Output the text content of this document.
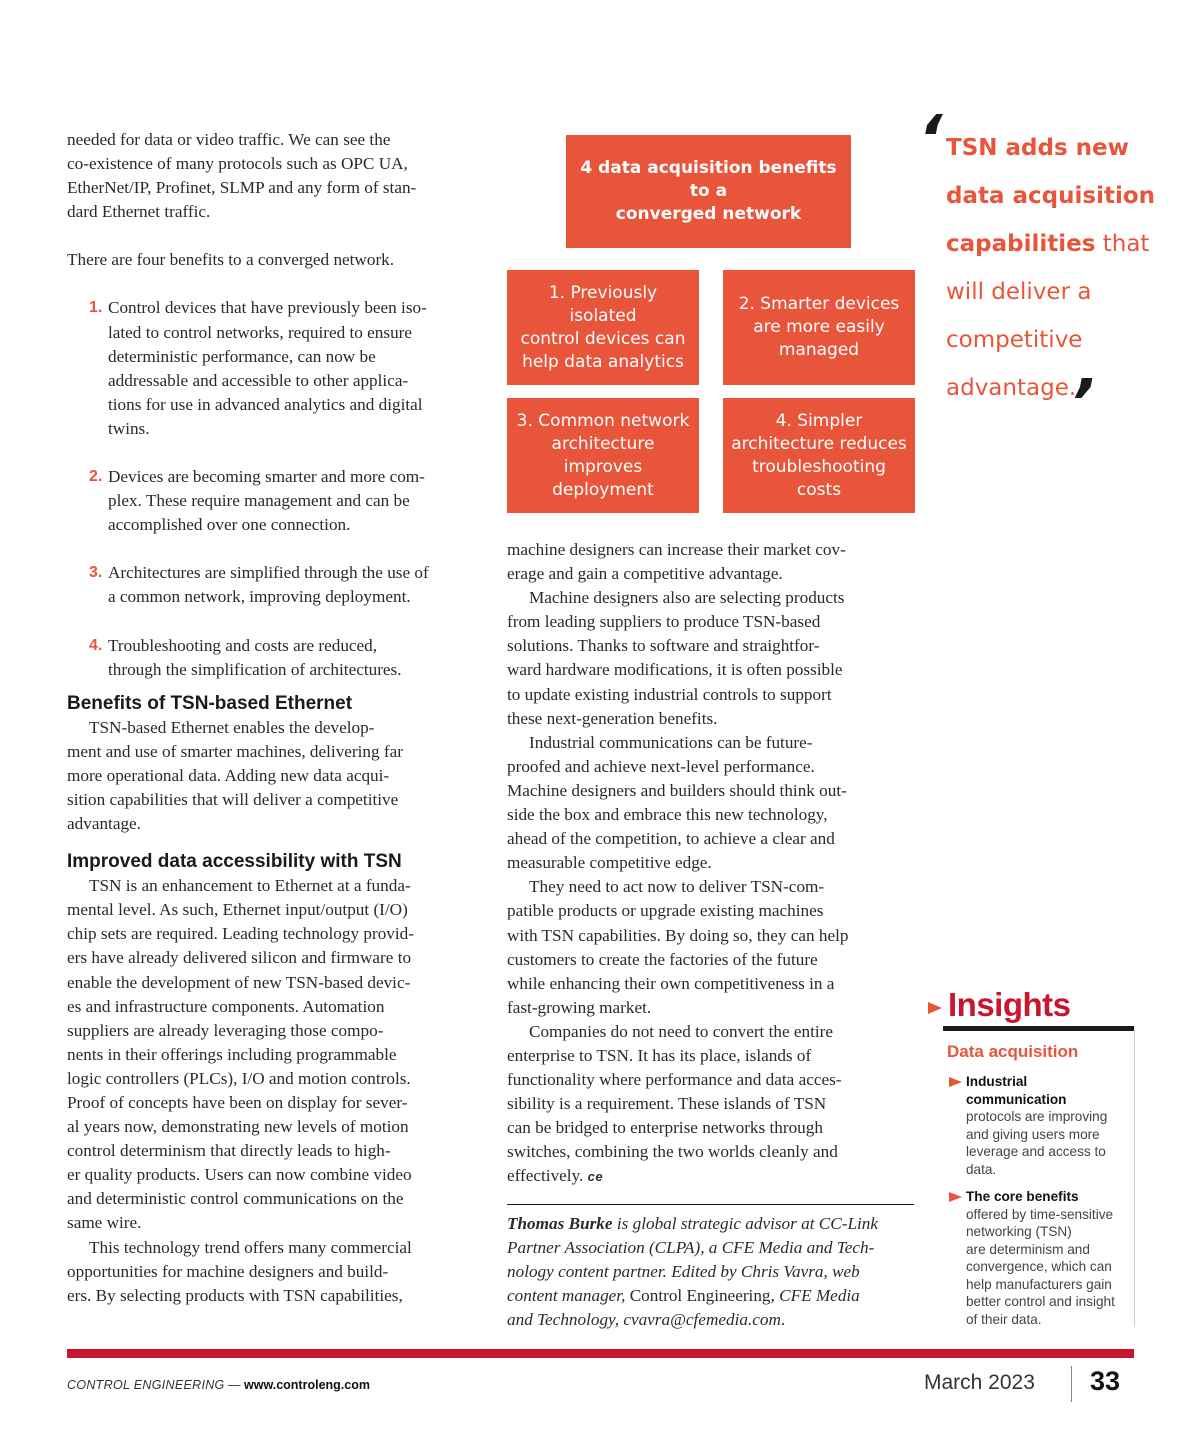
needed for data or video traffic. We can see the

co-existence of many protocols such as OPC UA,

EtherNet/IP, Profinet, SLMP and any form of stan-

dard Ethernet traffic.

There are four benefits to a converged network.

1. Control devices that have previously been iso-

lated to control networks, required to ensure

deterministic performance, can now be

addressable and accessible to other applica-

tions for use in advanced analytics and digital

twins.

2. Devices are becoming smarter and more com-

plex. These require management and can be

accomplished over one connection.

3. Architectures are simplified through the use of

a common network, improving deployment.

4. Troubleshooting and costs are reduced,

through the simplification of architectures.

Benefits of TSN-based Ethernet

TSN-based Ethernet enables the develop-

ment and use of smarter machines, delivering far

more operational data. Adding new data acqui-

sition capabilities that will deliver a competitive

advantage.

Improved data accessibility with TSN

TSN is an enhancement to Ethernet at a funda-

mental level. As such, Ethernet input/output (I/O)

chip sets are required. Leading technology provid-

ers have already delivered silicon and firmware to

enable the development of new TSN-based devic-

es and infrastructure components. Automation

suppliers are already leveraging those compo-

nents in their offerings including programmable

logic controllers (PLCs), I/O and motion controls.

Proof of concepts have been on display for sever-

al years now, demonstrating new levels of motion

control determinism that directly leads to high-

er quality products. Users can now combine video

and deterministic control communications on the

same wire.

This technology trend offers many commercial

opportunities for machine designers and build-

ers. By selecting products with TSN capabilities,

4 data acquisition benefits to a
converged network
1. Previously isolated
control devices can
help data analytics
2. Smarter devices
are more easily
managed
3. Common network
architecture
improves
deployment
4. Simpler
architecture reduces
troubleshooting
costs

machine designers can increase their market cov-

erage and gain a competitive advantage.

Machine designers also are selecting products

from leading suppliers to produce TSN-based

solutions. Thanks to software and straightfor-

ward hardware modifications, it is often possible

to update existing industrial controls to support

these next-generation benefits.

Industrial communications can be future-

proofed and achieve next-level performance.

Machine designers and builders should think out-

side the box and embrace this new technology,

ahead of the competition, to achieve a clear and

measurable competitive edge.

They need to act now to deliver TSN-com-

patible products or upgrade existing machines

with TSN capabilities. By doing so, they can help

customers to create the factories of the future

while enhancing their own competitiveness in a

fast-growing market.

Companies do not need to convert the entire

enterprise to TSN. It has its place, islands of

functionality where performance and data acces-

sibility is a requirement. These islands of TSN

can be bridged to enterprise networks through

switches, combining the two worlds cleanly and

effectively. ce

Thomas Burke is global strategic advisor at CC-Link

Partner Association (CLPA), a CFE Media and Tech-

nology content partner. Edited by Chris Vavra, web

content manager, Control Engineering, CFE Media

and Technology, cvavra@cfemedia.com.

‘ TSN adds new
data acquisition
capabilities that
will deliver a
competitive
advantage.
’
Insights
Data acquisition
Industrial
communication
protocols are improving
and giving users more
leverage and access to
data.
The core benefits
offered by time-sensitive
networking (TSN)
are determinism and
convergence, which can
help manufacturers gain
better control and insight
of their data.
CONTROL ENGINEERING — www.controleng.com	March 2023 33
